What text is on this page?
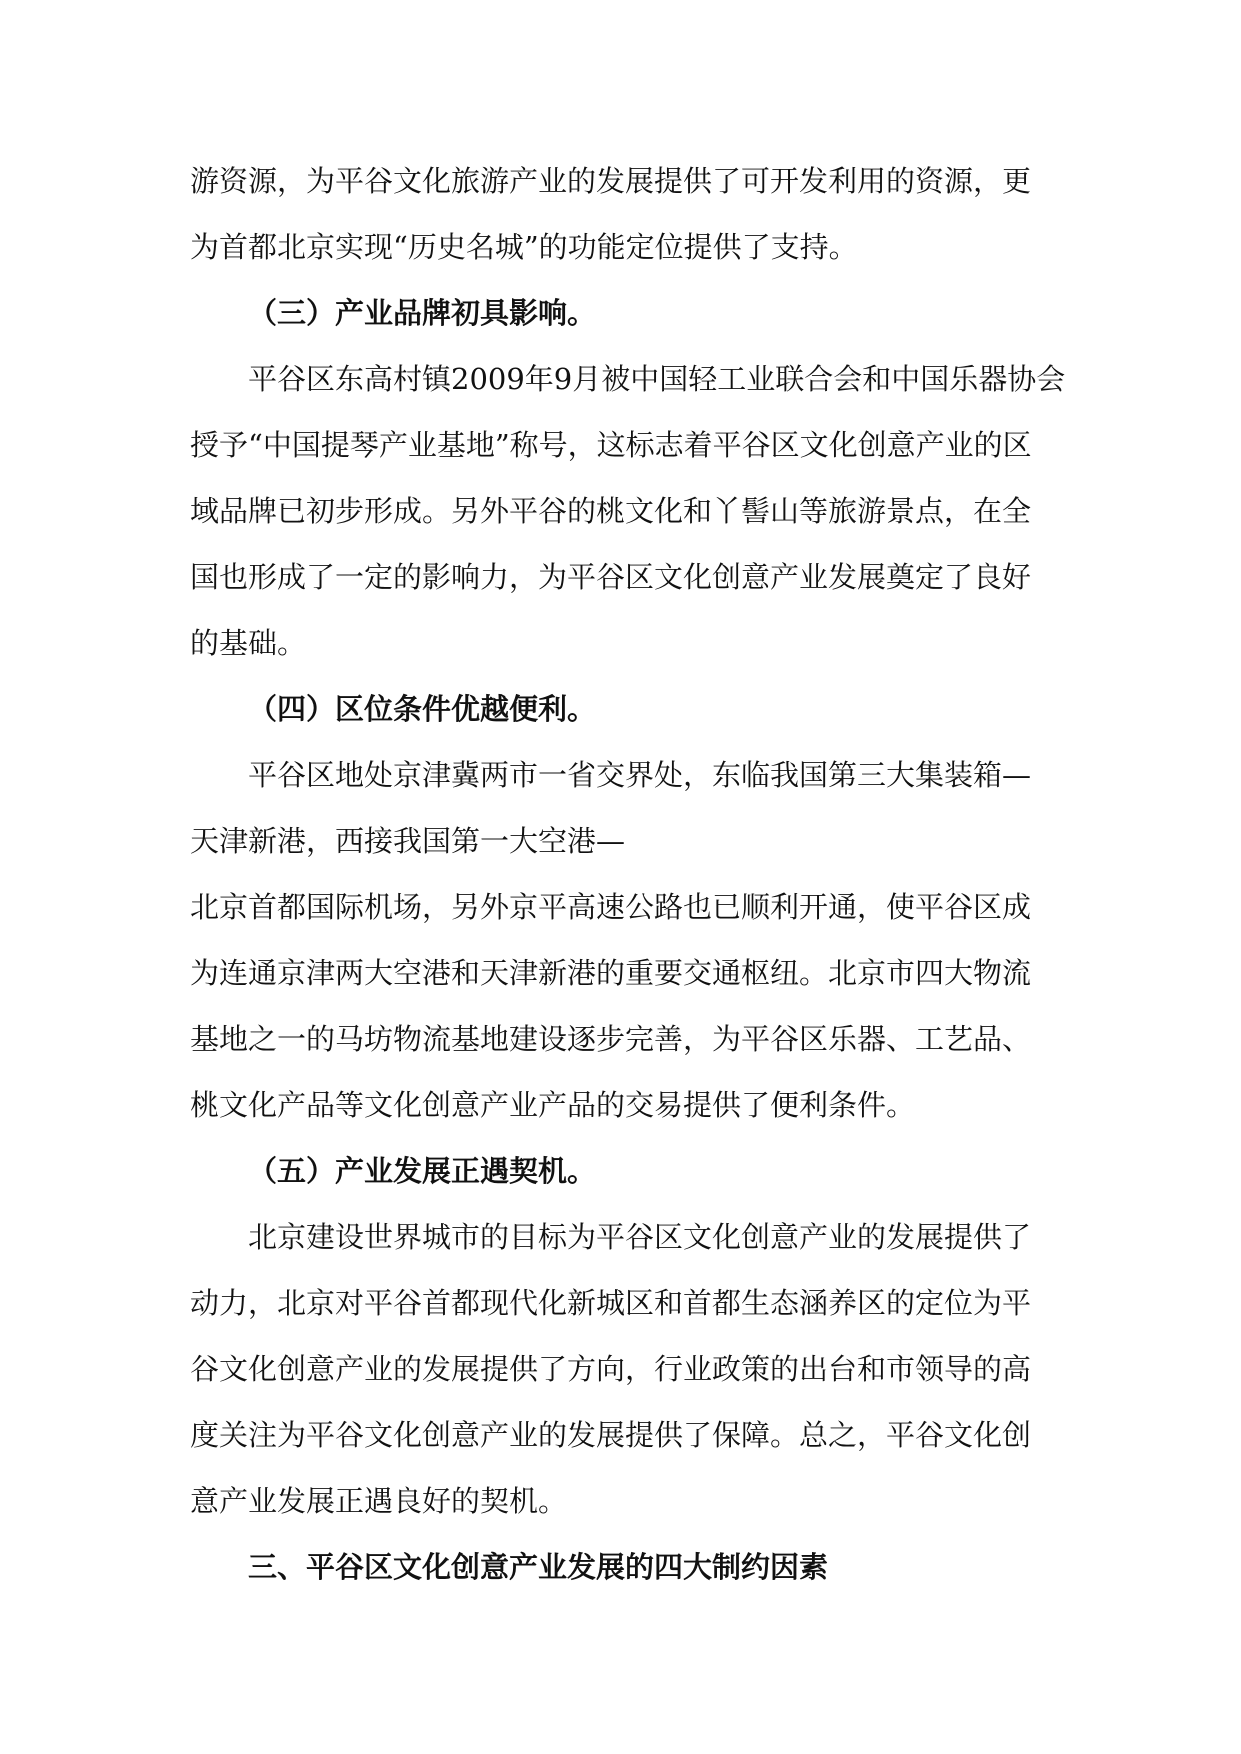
游资源，为平谷文化旅游产业的发展提供了可开发利用的资源，更
为首都北京实现“历史名城”的功能定位提供了支持。
（三）产业品牌初具影响。
平谷区东高村镇2009年9月被中国轻工业联合会和中国乐器协会
授予“中国提琴产业基地”称号，这标志着平谷区文化创意产业的区
域品牌已初步形成。另外平谷的桃文化和丫髻山等旅游景点，在全
国也形成了一定的影响力，为平谷区文化创意产业发展奠定了良好
的基础。
（四）区位条件优越便利。
平谷区地处京津冀两市一省交界处，东临我国第三大集装箱—
天津新港，西接我国第一大空港—
北京首都国际机场，另外京平高速公路也已顺利开通，使平谷区成
为连通京津两大空港和天津新港的重要交通枢纽。北京市四大物流
基地之一的马坊物流基地建设逐步完善，为平谷区乐器、工艺品、
桃文化产品等文化创意产业产品的交易提供了便利条件。
（五）产业发展正遇契机。
北京建设世界城市的目标为平谷区文化创意产业的发展提供了
动力，北京对平谷首都现代化新城区和首都生态涵养区的定位为平
谷文化创意产业的发展提供了方向，行业政策的出台和市领导的高
度关注为平谷文化创意产业的发展提供了保障。总之，平谷文化创
意产业发展正遇良好的契机。
三、平谷区文化创意产业发展的四大制约因素
